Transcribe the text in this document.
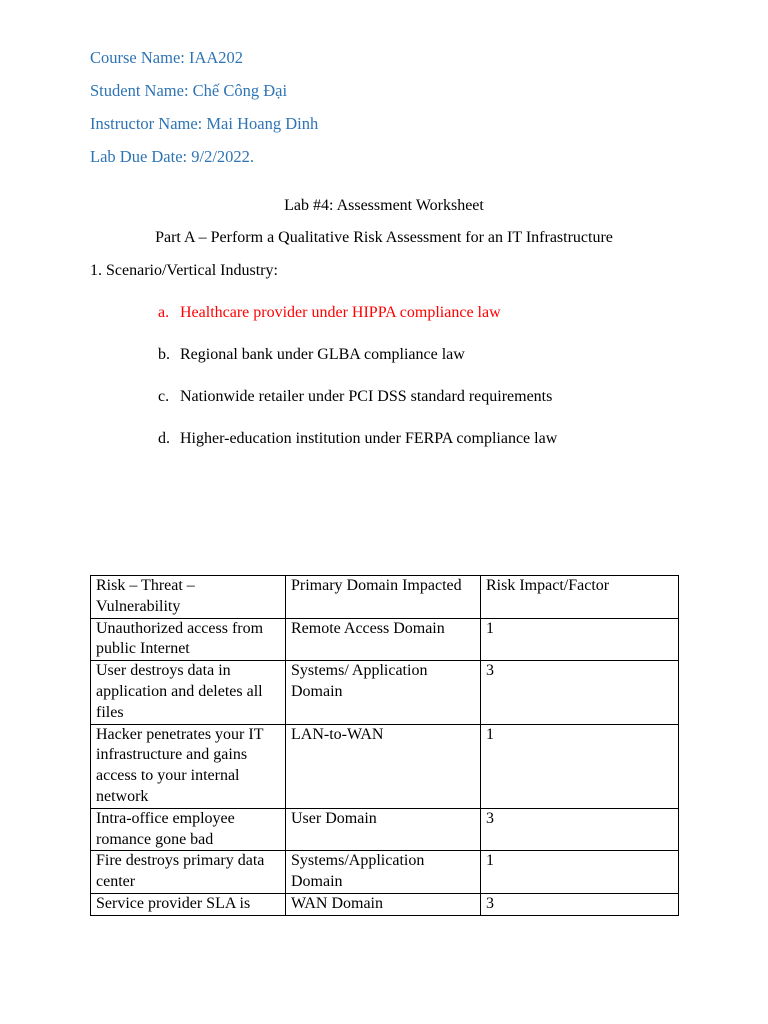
Course Name: IAA202
Student Name: Chế Công Đại
Instructor Name: Mai Hoang Dinh
Lab Due Date: 9/2/2022.
Lab #4: Assessment Worksheet
Part A – Perform a Qualitative Risk Assessment for an IT Infrastructure
1. Scenario/Vertical Industry:
a. Healthcare provider under HIPPA compliance law
b. Regional bank under GLBA compliance law
c. Nationwide retailer under PCI DSS standard requirements
d. Higher-education institution under FERPA compliance law
Risk – Threat – Vulnerability	Primary Domain Impacted	Risk Impact/Factor
Unauthorized access from public Internet	Remote Access Domain	1
User destroys data in application and deletes all files	Systems/ Application Domain	3
Hacker penetrates your IT infrastructure and gains access to your internal network	LAN-to-WAN	1
Intra-office employee romance gone bad	User Domain	3
Fire destroys primary data center	Systems/Application Domain	1
Service provider SLA is	WAN Domain	3
